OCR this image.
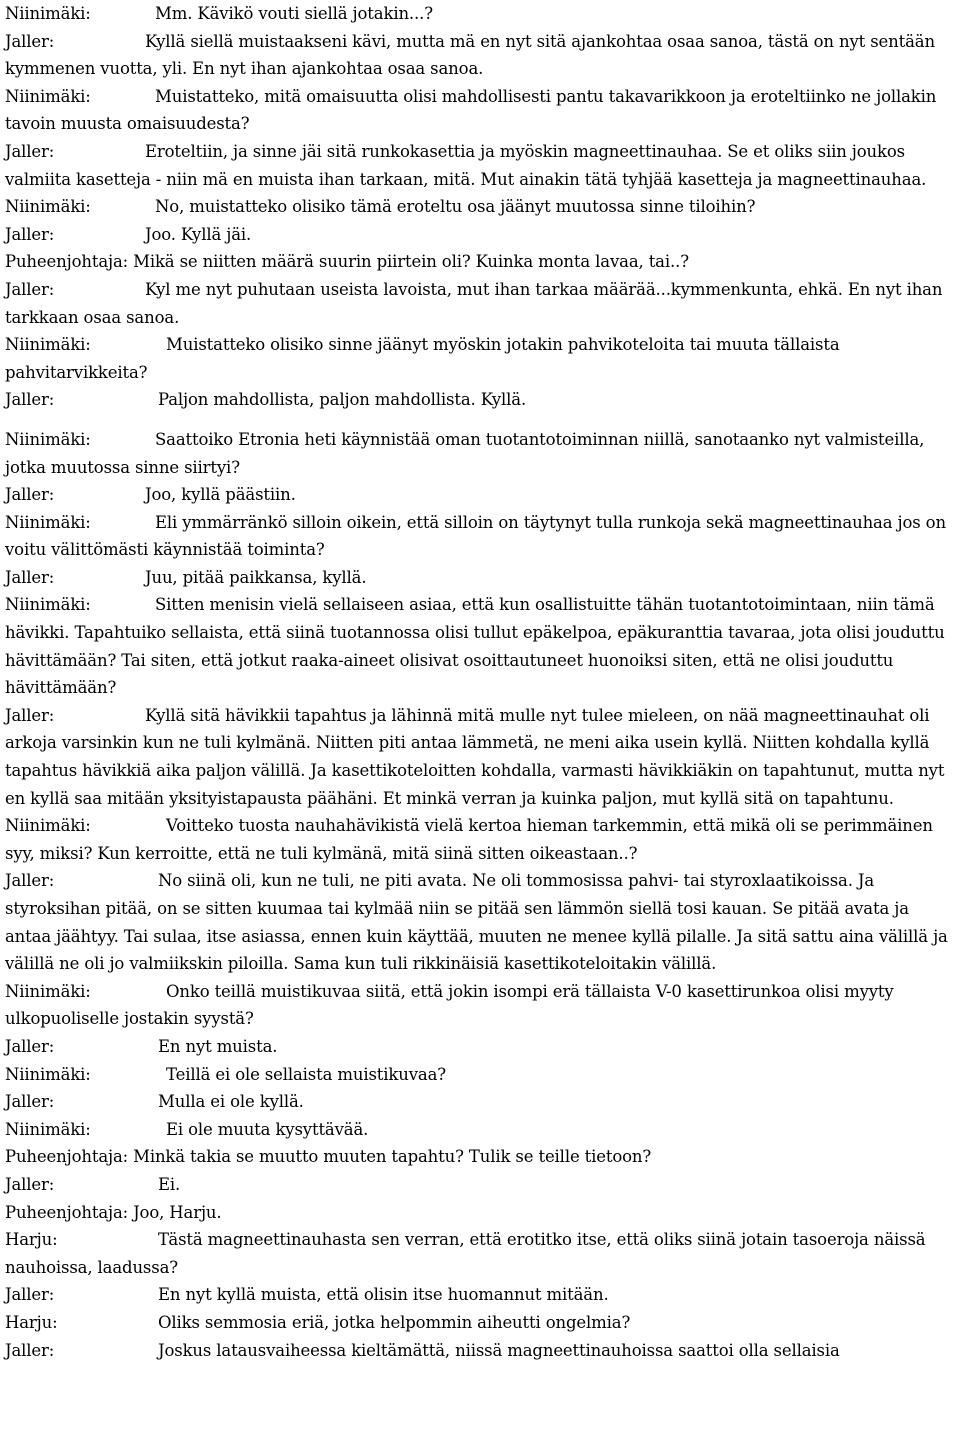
Niinimäki:	Mm. Kävikö vouti siellä jotakin...?

Jaller:	Kyllä siellä muistaakseni kävi, mutta mä en nyt sitä ajankohtaa osaa sanoa, tästä on nyt sentään kymmenen vuotta, yli. En nyt ihan ajankohtaa osaa sanoa.

Niinimäki:	Muistatteko, mitä omaisuutta olisi mahdollisesti pantu takavarikkoon ja eroteltiinko ne jollakin tavoin muusta omaisuudesta?

Jaller:	Eroteltiin, ja sinne jäi sitä runkokasettia ja myöskin magneettinauhaa. Se et oliks siin joukos valmiita kasetteja - niin mä en muista ihan tarkaan, mitä. Mut ainakin tätä tyhjää kasetteja ja magneettinauhaa.

Niinimäki:	No, muistatteko olisiko tämä eroteltu osa jäänyt muutossa sinne tiloihin?

Jaller:	Joo. Kyllä jäi.

Puheenjohtaja: Mikä se niitten määrä suurin piirtein oli? Kuinka monta lavaa, tai..?

Jaller:	Kyl me nyt puhutaan useista lavoista, mut ihan tarkaa määrää...kymmenkunta, ehkä. En nyt ihan tarkkaan osaa sanoa.

Niinimäki:	Muistatteko olisiko sinne jäänyt myöskin jotakin pahvikoteloita tai muuta tällaista pahvitarvikkeita?

Jaller:	Paljon mahdollista, paljon mahdollista. Kyllä.

Niinimäki:	Saattoiko Etronia heti käynnistää oman tuotantotoiminnan niillä, sanotaanko nyt valmisteilla, jotka muutossa sinne siirtyi?

Jaller:	Joo, kyllä päästiin.

Niinimäki:	Eli ymmärränkö silloin oikein, että silloin on täytynyt tulla runkoja sekä magneettinauhaa jos on voitu välittömästi käynnistää toiminta?

Jaller:	Juu, pitää paikkansa, kyllä.

Niinimäki:	Sitten menisin vielä sellaiseen asiaa, että kun osallistuitte tähän tuotantotoimintaan, niin tämä hävikki. Tapahtuiko sellaista, että siinä tuotannossa olisi tullut epäkelpoa, epäkuranttia tavaraa, jota olisi jouduttu hävittämään? Tai siten, että jotkut raaka-aineet olisivat osoittautuneet huonoiksi siten, että ne olisi jouduttu hävittämään?

Jaller:	Kyllä sitä hävikkii tapahtus ja lähinnä mitä mulle nyt tulee mieleen, on nää magneettinauhat oli arkoja varsinkin kun ne tuli kylmänä. Niitten piti antaa lämmetä, ne meni aika usein kyllä. Niitten kohdalla kyllä tapahtus hävikkiä aika paljon välillä. Ja kasettikoteloitten kohdalla, varmasti hävikkiäkin on tapahtunut, mutta nyt en kyllä saa mitään yksityistapausta päähäni. Et minkä verran ja kuinka paljon, mut kyllä sitä on tapahtunu.

Niinimäki:	Voitteko tuosta nauhahävikistä vielä kertoa hieman tarkemmin, että mikä oli se perimmäinen syy, miksi? Kun kerroitte, että ne tuli kylmänä, mitä siinä sitten oikeastaan..?

Jaller:	No siinä oli, kun ne tuli, ne piti avata. Ne oli tommosissa pahvi- tai styroxlaatikoissa. Ja styroksihan pitää, on se sitten kuumaa tai kylmää niin se pitää sen lämmön siellä tosi kauan. Se pitää avata ja antaa jäähtyy. Tai sulaa, itse asiassa, ennen kuin käyttää, muuten ne menee kyllä pilalle. Ja sitä sattu aina välillä ja välillä ne oli jo valmiikskin piloilla. Sama kun tuli rikkinäisiä kasettikoteloitakin välillä.

Niinimäki:	Onko teillä muistikuvaa siitä, että jokin isompi erä tällaista V-0 kasettirunkoa olisi myyty ulkopuoliselle jostakin syystä?

Jaller:	En nyt muista.

Niinimäki:	Teillä ei ole sellaista muistikuvaa?

Jaller:	Mulla ei ole kyllä.

Niinimäki:	Ei ole muuta kysyttävää.

Puheenjohtaja: Minkä takia se muutto muuten tapahtu? Tulik se teille tietoon?

Jaller:	Ei.

Puheenjohtaja: Joo, Harju.

Harju:	Tästä magneettinauhasta sen verran, että erotitko itse, että oliks siinä jotain tasoeroja näissä nauhoissa, laadussa?

Jaller:	En nyt kyllä muista, että olisin itse huomannut mitään.

Harju:	Oliks semmosia eriä, jotka helpommin aiheutti ongelmia?

Jaller:	Joskus latausvaiheessa kieltämättä, niissä magneettinauhoissa saattoi olla sellaisia
